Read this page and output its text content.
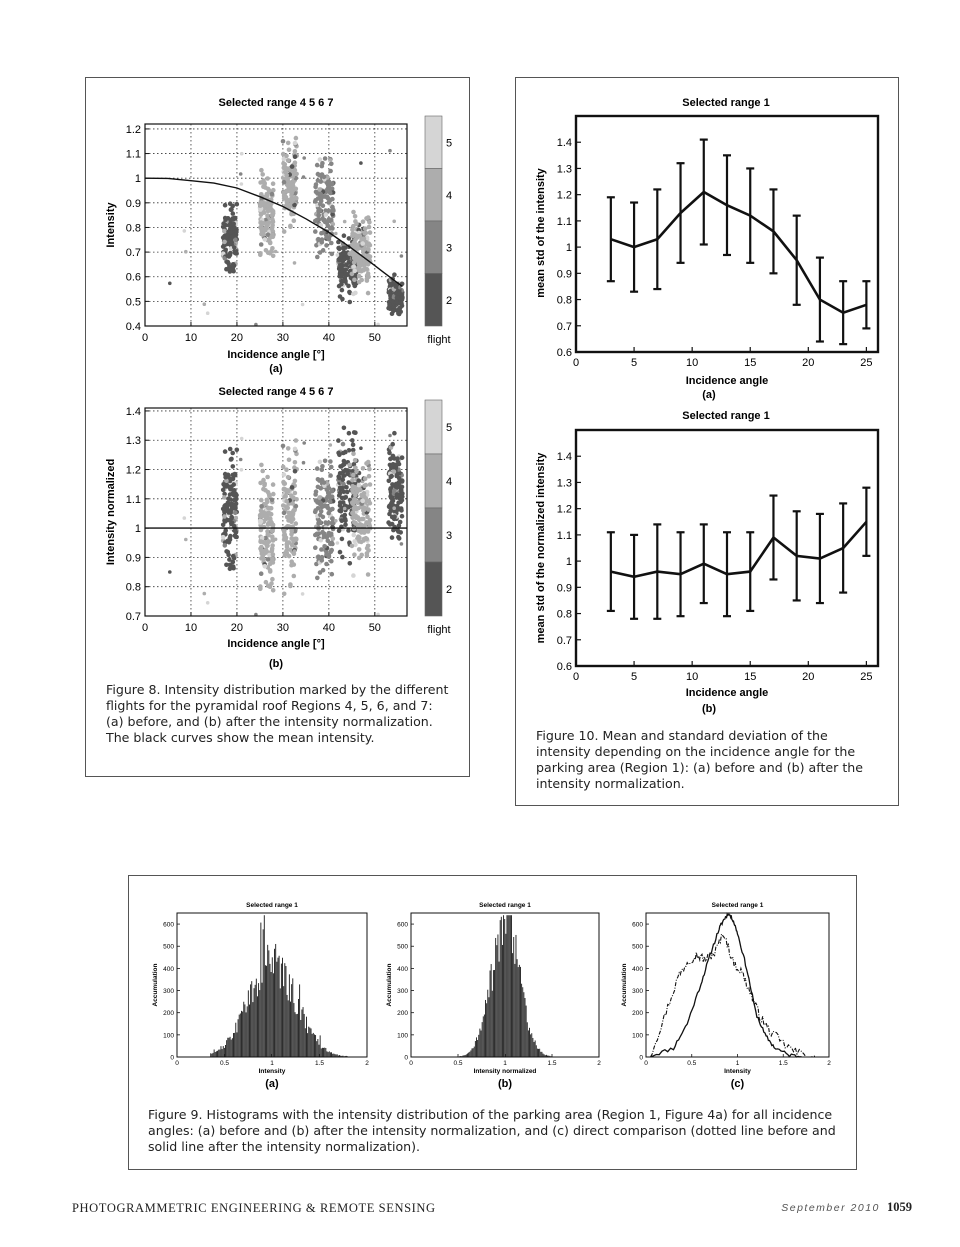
Selected range 4 5 6 7
1.2
1.1
1
0.9
0.8
0.7
0.6
0.5
0.4
0	10	20	30	40	50
Intensity
Incidence angle [°]
(a)
5
4
3
2
flight
Selected range 4 5 6 7
1.4
1.3
1.2
1.1
1
0.9
0.8
0.7
0	10	20	30	40	50
Intensity normalized
Incidence angle [°]
(b)
5
4
3
2
flight

Figure 8. Intensity distribution marked by the different flights for the pyramidal roof Regions 4, 5, 6, and 7: (a) before, and (b) after the intensity normalization. The black curves show the mean intensity.

Selected range 1
1.4
1.3
1.2
1.1
1
0.9
0.8
0.7
0.6
0	5	10	15	20	25
mean std of the intensity
Incidence angle
(a)
Selected range 1
1.4
1.3
1.2
1.1
1
0.9
0.8
0.7
0.6
0	5	10	15	20	25
mean std of the normalized intensity
Incidence angle
(b)

Figure 10. Mean and standard deviation of the intensity depending on the incidence angle for the parking area (Region 1): (a) before and (b) after the intensity normalization.

Selected range 1
600
500
400
300
200
100
0
0	0.5	1	1.5	2
Accumulation
Intensity
(a)
Selected range 1
600
500
400
300
200
100
0
0	0.5	1	1.5	2
Accumulation
Intensity normalized
(b)
Selected range 1
600
500
400
300
200
100
0
0	0.5	1	1.5	2
Accumulation
Intensity
(c)

Figure 9. Histograms with the intensity distribution of the parking area (Region 1, Figure 4a) for all incidence angles: (a) before and (b) after the intensity normalization, and (c) direct comparison (dotted line before and solid line after the intensity normalization).

PHOTOGRAMMETRIC ENGINEERING & REMOTE SENSING	September 2010 1059
